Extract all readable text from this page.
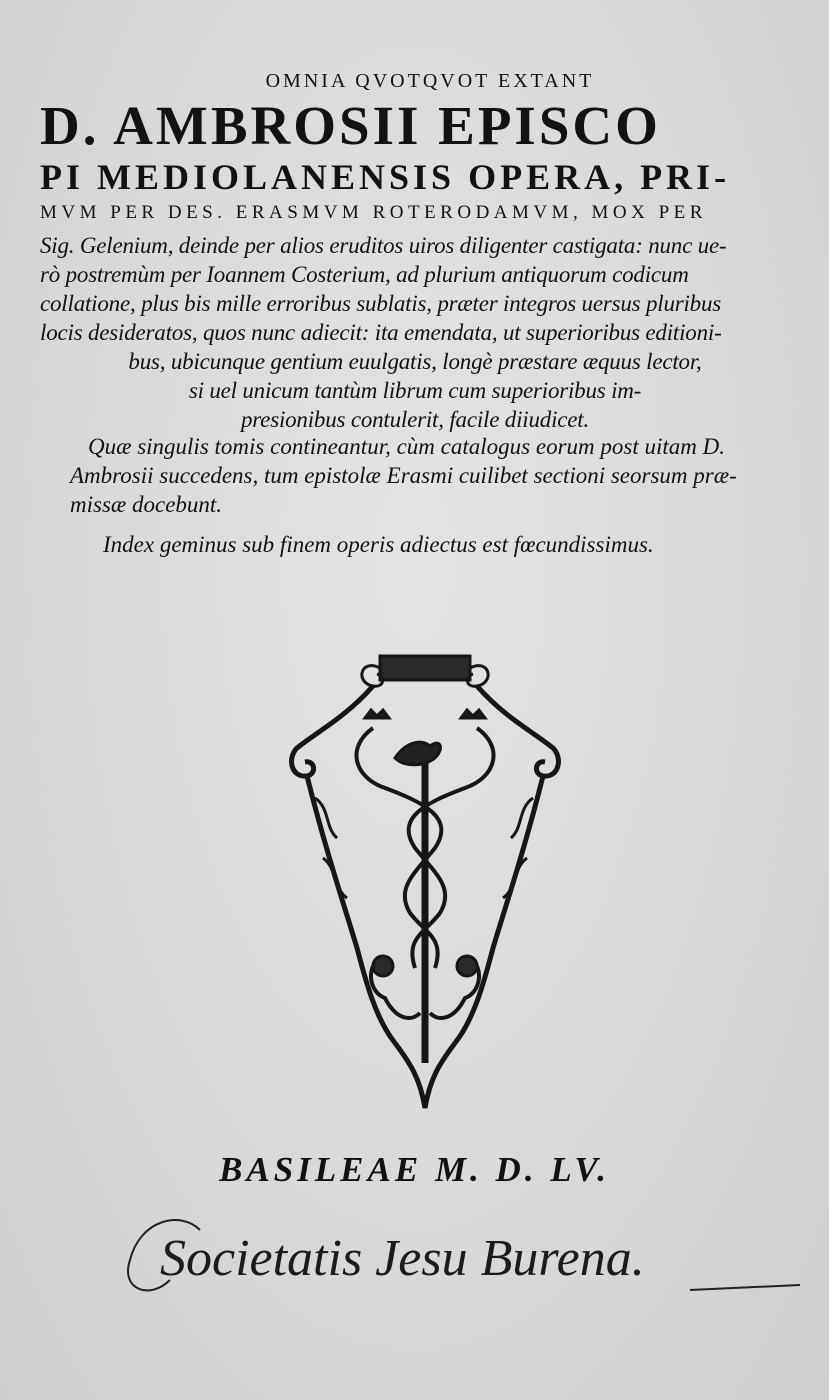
OMNIA QVOTQVOT EXTANT
D. AMBROSII EPISCO
PI MEDIOLANENSIS OPERA, PRI-
MVM PER DES. ERASMVM ROTERODAMVM, MOX PER
Sig. Gelenium, deinde per alios eruditos uiros diligenter castigata: nunc ue-
rò postremùm per Ioannem Costerium, ad plurium antiquorum codicum
collatione, plus bis mille erroribus sublatis, præter integros uersus pluribus
locis desideratos, quos nunc adiecit: ita emendata, ut superioribus editioni-
bus, ubicunque gentium euulgatis, longè præstare æquus lector,
si uel unicum tantùm librum cum superioribus im-
presionibus contulerit, facile diiudicet.
Quæ singulis tomis contineantur, cùm catalogus eorum post uitam D.
Ambrosii succedens, tum epistolæ Erasmi cuilibet sectioni seorsum præ-
missæ docebunt.
Index geminus sub finem operis adiectus est fœcundissimus.
BASILEAE M. D. LV.
Societatis Jesu Burena.
